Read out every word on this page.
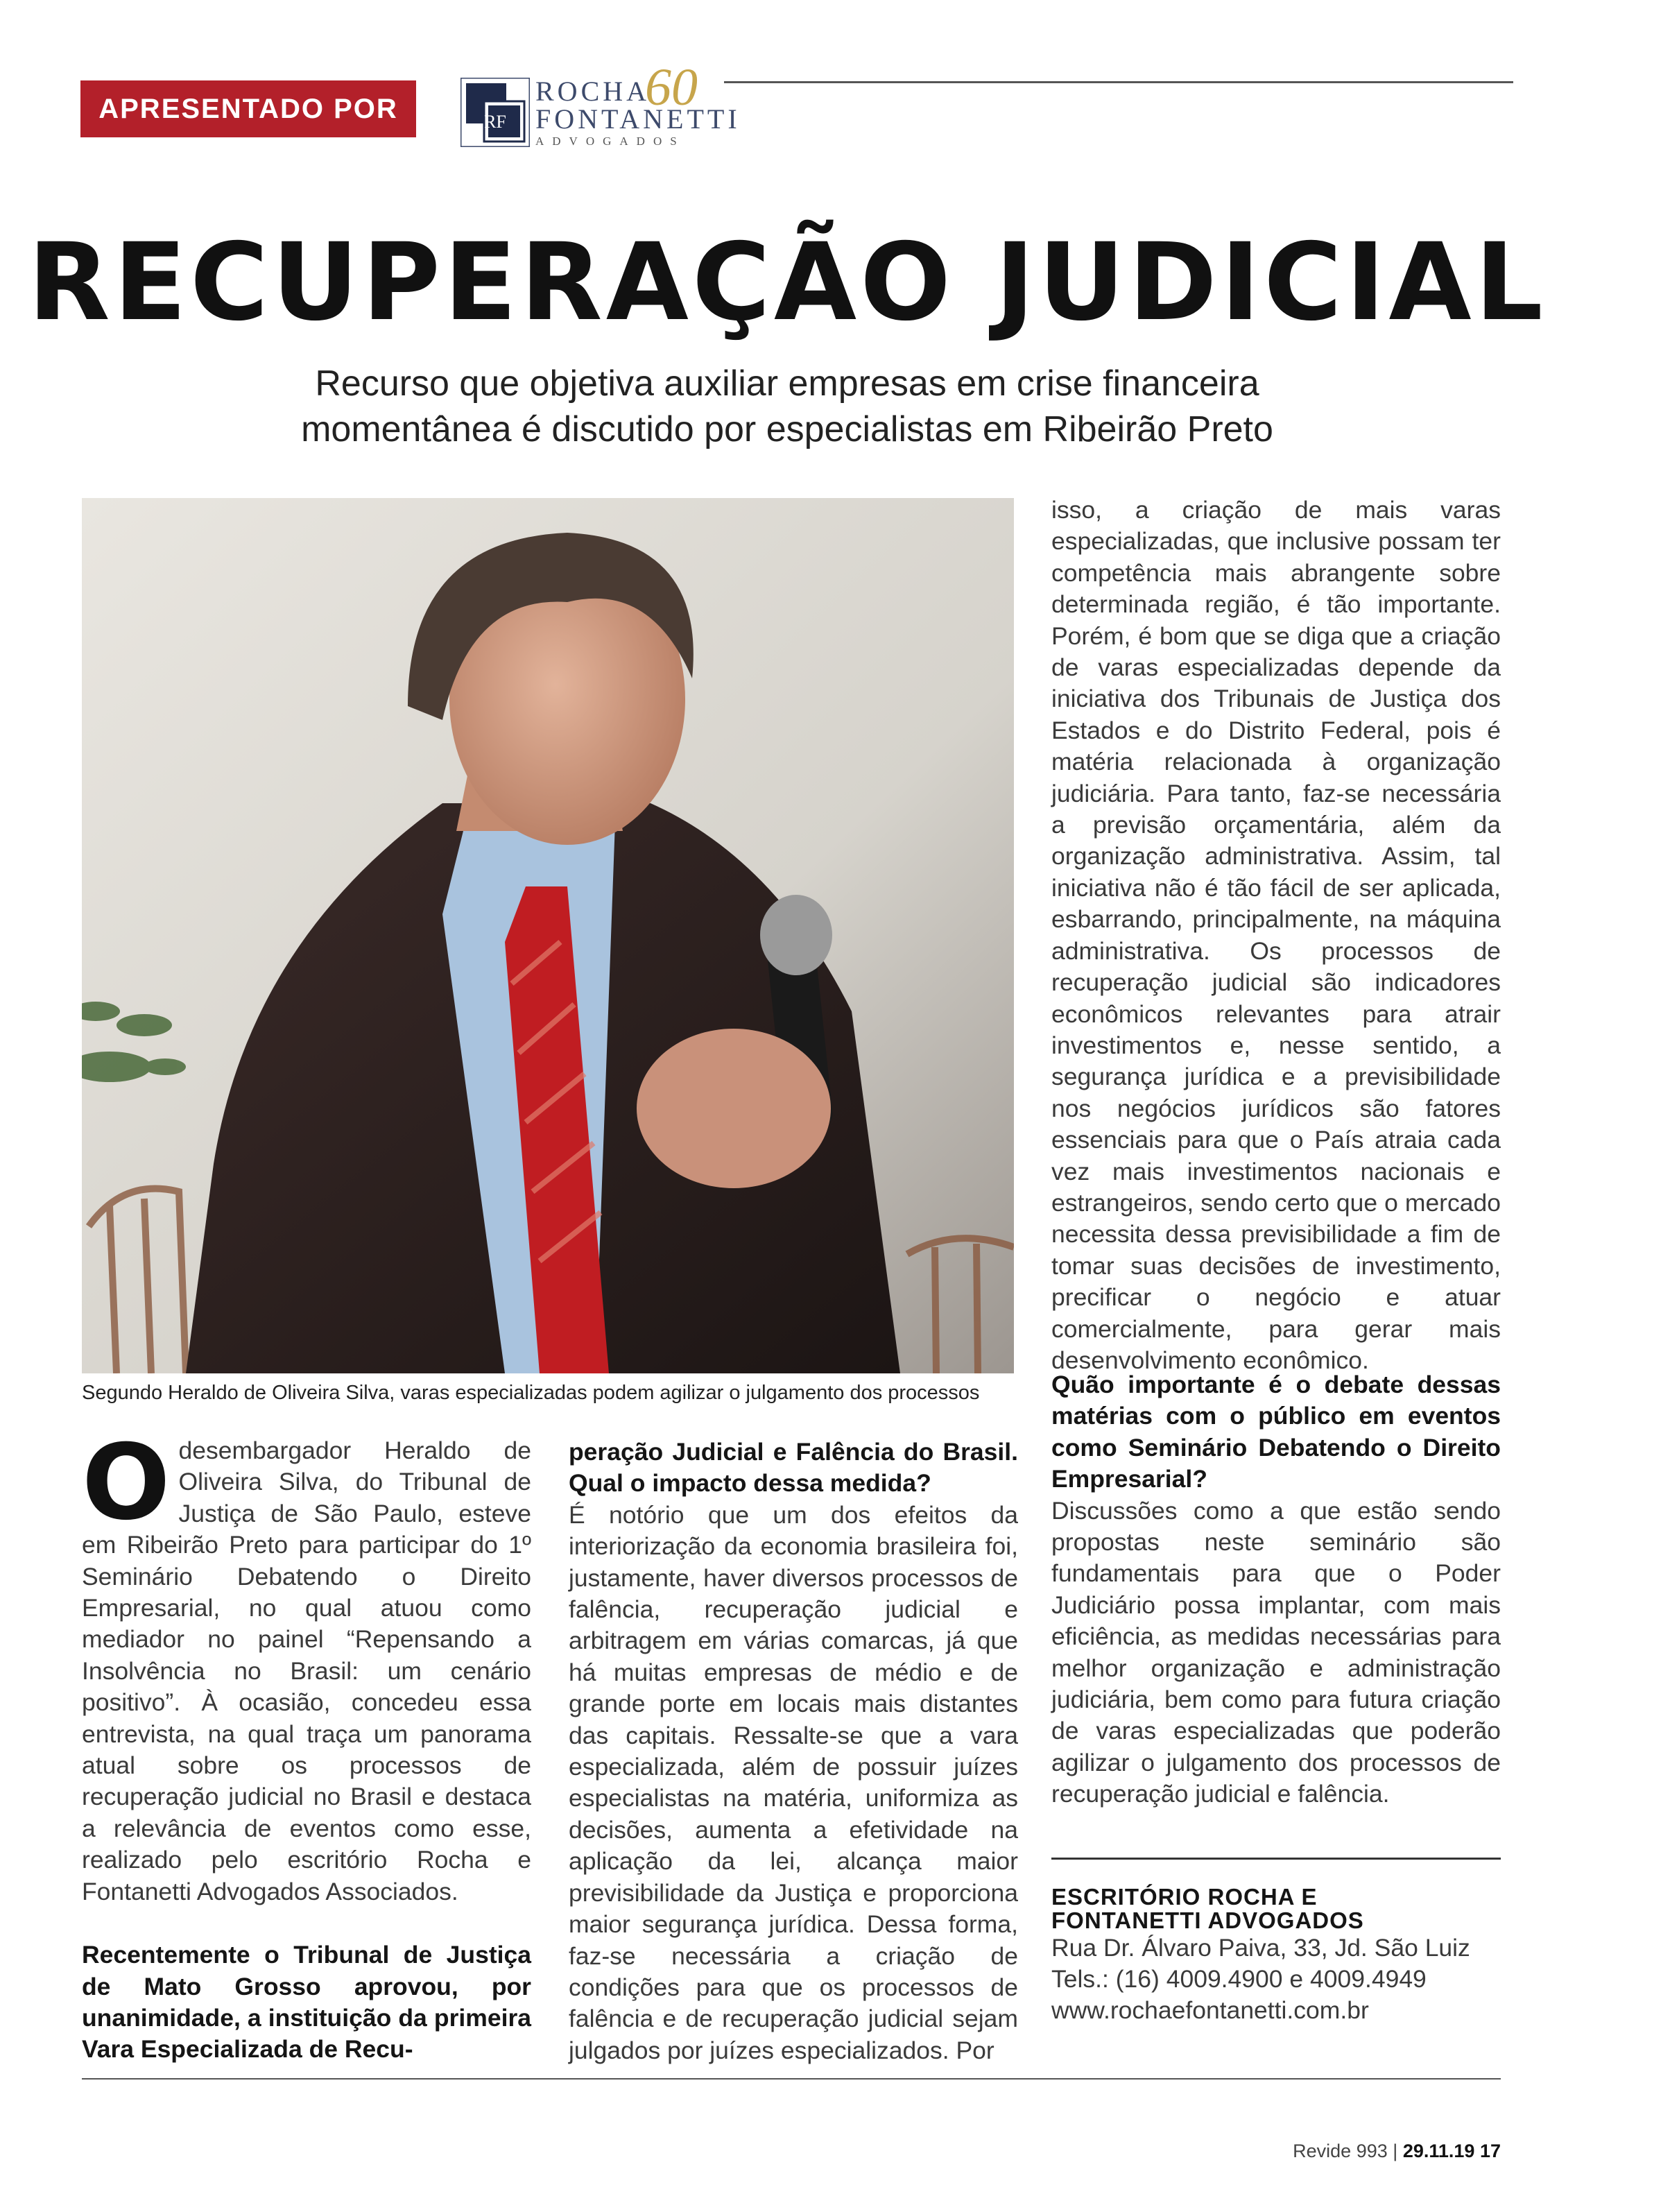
APRESENTADO POR	RF
ROCHA
FONTANETTI
ADVOGADOS
60
RECUPERAÇÃO JUDICIAL
Recurso que objetiva auxiliar empresas em crise financeira
momentânea é discutido por especialistas em Ribeirão Preto
Segundo Heraldo de Oliveira Silva, varas especializadas podem agilizar o julgamento dos processos

Odesembargador Heraldo de Oliveira Silva, do Tribunal de Justiça de São Paulo, esteve em Ribeirão Preto para participar do 1º Seminário Debatendo o Direito Empresarial, no qual atuou como mediador no painel “Repensando a Insolvência no Brasil: um cenário positivo”. À ocasião, concedeu essa entrevista, na qual traça um panorama atual sobre os processos de recuperação judicial no Brasil e destaca a relevância de eventos como esse, realizado pelo escritório Rocha e Fontanetti Advogados Associados.

Recentemente o Tribunal de Justiça de Mato Grosso aprovou, por unanimidade, a instituição da primeira Vara Especializada de Recu-

peração Judicial e Falência do Brasil. Qual o impacto dessa medida?

É notório que um dos efeitos da interiorização da economia brasileira foi, justamente, haver diversos processos de falência, recuperação judicial e arbitragem em várias comarcas, já que há muitas empresas de médio e de grande porte em locais mais distantes das capitais. Ressalte-se que a vara especializada, além de possuir juízes especialistas na matéria, uniformiza as decisões, aumenta a efetividade na aplicação da lei, alcança maior previsibilidade da Justiça e proporciona maior segurança jurídica. Dessa forma, faz-se necessária a criação de condições para que os processos de falência e de recuperação judicial sejam julgados por juízes especializados. Por

isso, a criação de mais varas especializadas, que inclusive possam ter competência mais abrangente sobre determinada região, é tão importante. Porém, é bom que se diga que a criação de varas especializadas depende da iniciativa dos Tribunais de Justiça dos Estados e do Distrito Federal, pois é matéria relacionada à organização judiciária. Para tanto, faz-se necessária a previsão orçamentária, além da organização administrativa. Assim, tal iniciativa não é tão fácil de ser aplicada, esbarrando, principalmente, na máquina administrativa. Os processos de recuperação judicial são indicadores econômicos relevantes para atrair investimentos e, nesse sentido, a segurança jurídica e a previsibilidade nos negócios jurídicos são fatores essenciais para que o País atraia cada vez mais investimentos nacionais e estrangeiros, sendo certo que o mercado necessita dessa previsibilidade a fim de tomar suas decisões de investimento, precificar o negócio e atuar comercialmente, para gerar mais desenvolvimento econômico.

Quão importante é o debate dessas matérias com o público em eventos como Seminário Debatendo o Direito Empresarial?

Discussões como a que estão sendo propostas neste seminário são fundamentais para que o Poder Judiciário possa implantar, com mais eficiência, as medidas necessárias para melhor organização e administração judiciária, bem como para futura criação de varas especializadas que poderão agilizar o julgamento dos processos de recuperação judicial e falência.

ESCRITÓRIO ROCHA E
FONTANETTI ADVOGADOS
Rua Dr. Álvaro Paiva, 33, Jd. São Luiz
Tels.: (16) 4009.4900 e 4009.4949
www.rochaefontanetti.com.br
Revide 993 | 29.11.19 17
